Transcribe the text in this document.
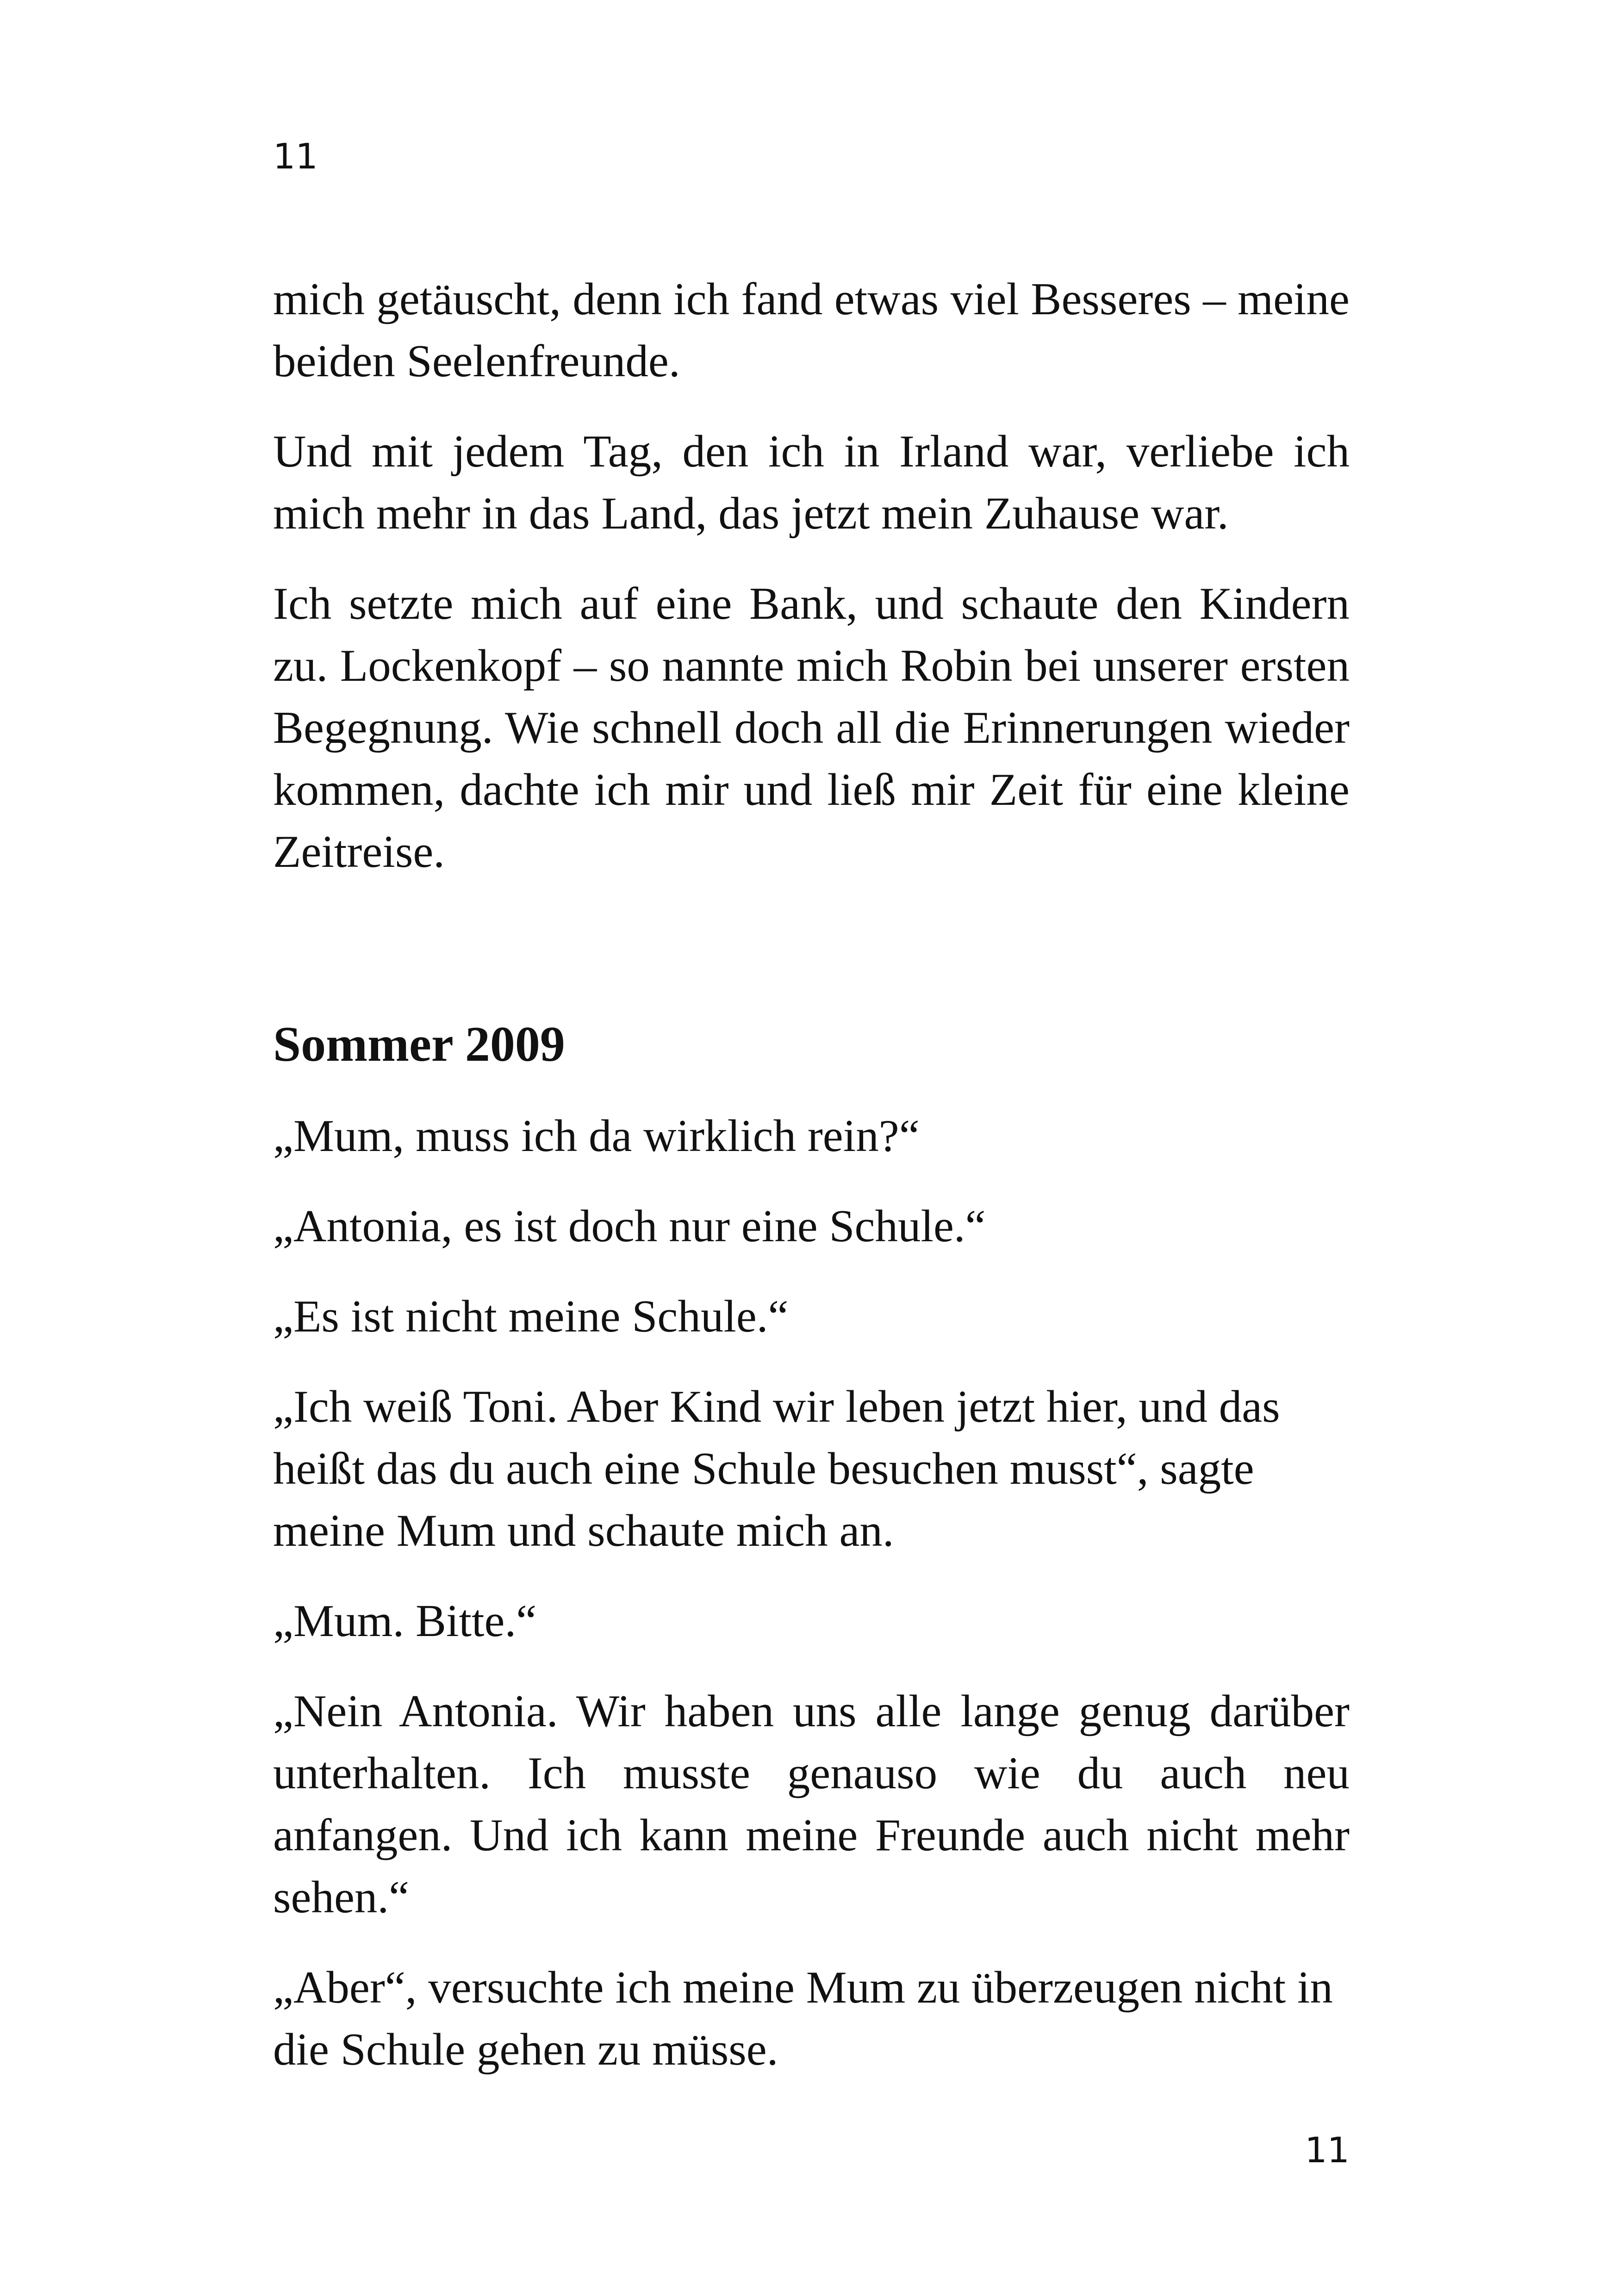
11

mich getäuscht, denn ich fand etwas viel Besseres – meine beiden Seelenfreunde.

Und mit jedem Tag, den ich in Irland war, verliebe ich mich mehr in das Land, das jetzt mein Zuhause war.

Ich setzte mich auf eine Bank, und schaute den Kindern zu. Lockenkopf – so nannte mich Robin bei unserer ersten Begegnung. Wie schnell doch all die Erinnerungen wieder kommen, dachte ich mir und ließ mir Zeit für eine kleine Zeitreise.

Sommer 2009

„Mum, muss ich da wirklich rein?“

„Antonia, es ist doch nur eine Schule.“

„Es ist nicht meine Schule.“

„Ich weiß Toni. Aber Kind wir leben jetzt hier, und das heißt das du auch eine Schule besuchen musst“, sagte meine Mum und schaute mich an.

„Mum. Bitte.“

„Nein Antonia. Wir haben uns alle lange genug darüber unterhalten. Ich musste genauso wie du auch neu anfangen. Und ich kann meine Freunde auch nicht mehr sehen.“

„Aber“, versuchte ich meine Mum zu überzeugen nicht in die Schule gehen zu müsse.

11
